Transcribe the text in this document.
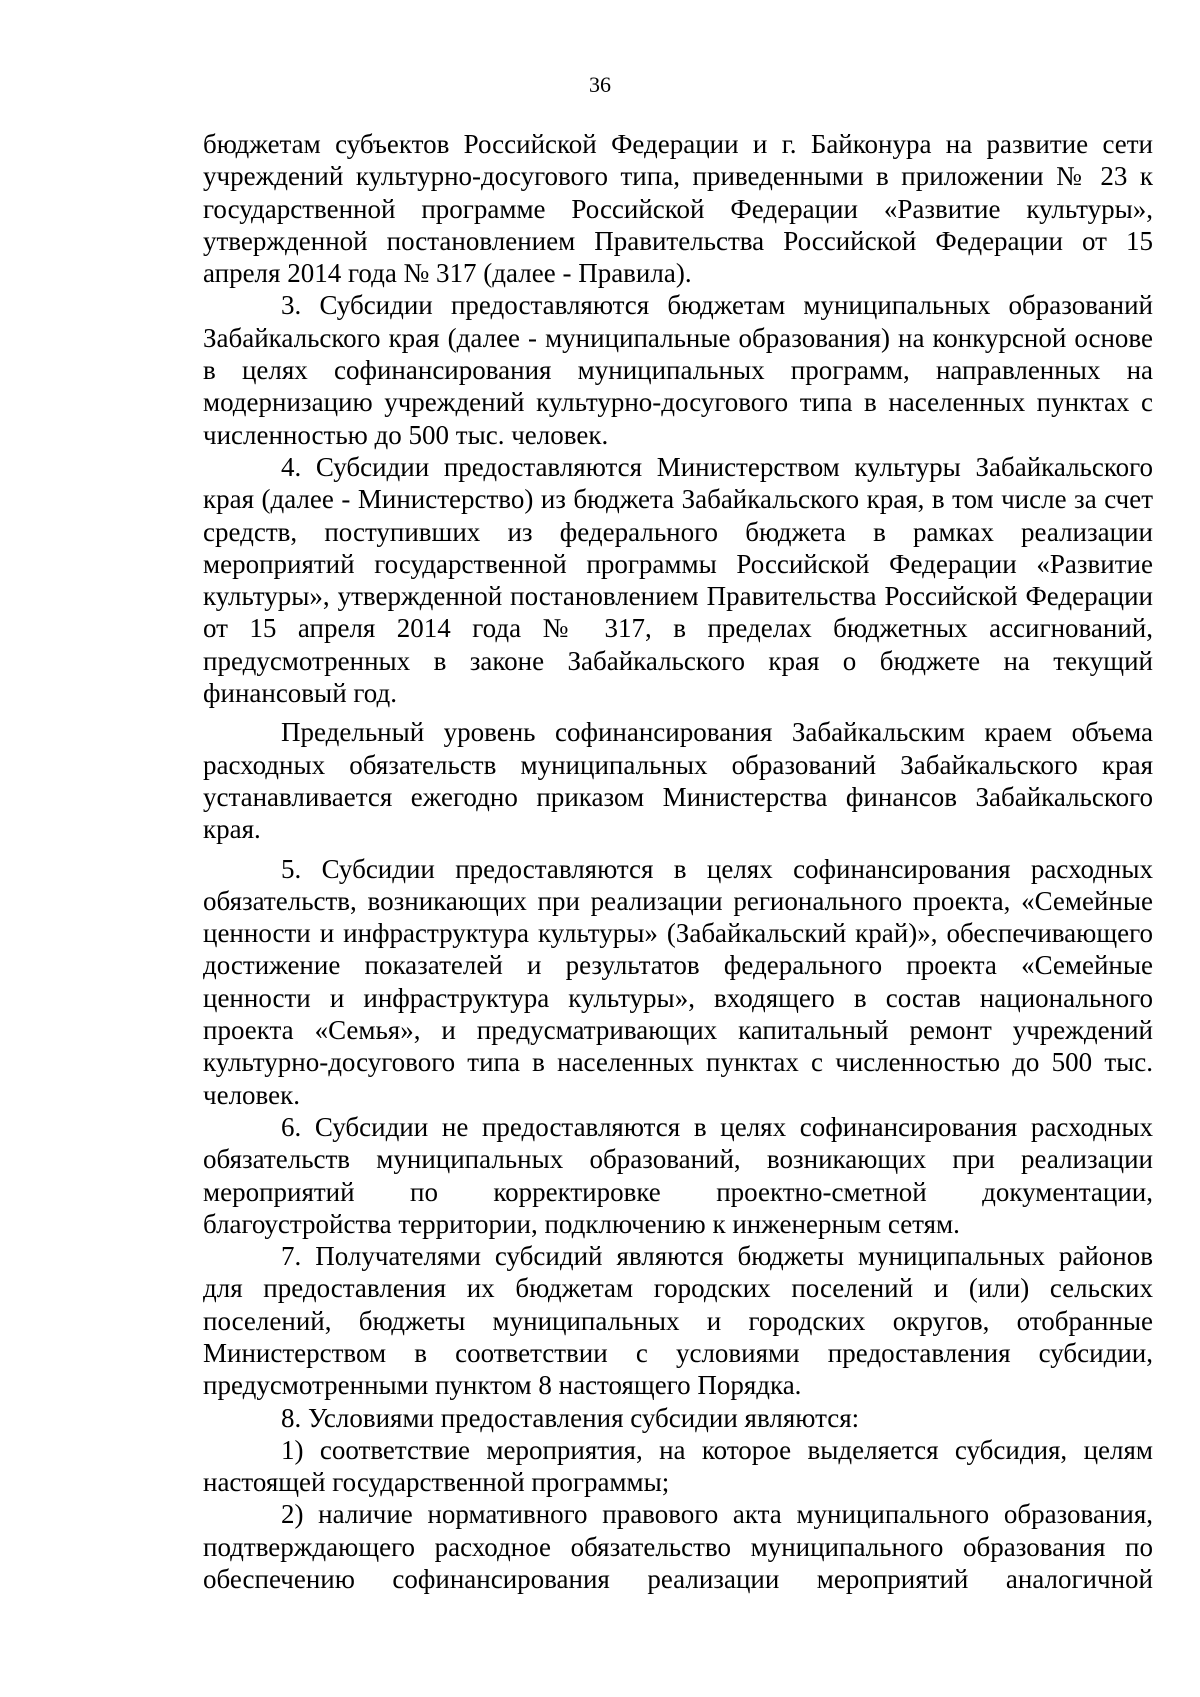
36

бюджетам субъектов Российской Федерации и г. Байконура на развитие сети учреждений культурно-досугового типа, приведенными в приложении № 23 к государственной программе Российской Федерации «Развитие культуры», утвержденной постановлением Правительства Российской Федерации от 15 апреля 2014 года № 317 (далее - Правила).

3. Субсидии предоставляются бюджетам муниципальных образований Забайкальского края (далее - муниципальные образования) на конкурсной основе в целях софинансирования муниципальных программ, направленных на модернизацию учреждений культурно-досугового типа в населенных пунктах с численностью до 500 тыс. человек.

4. Субсидии предоставляются Министерством культуры Забайкальского края (далее - Министерство) из бюджета Забайкальского края, в том числе за счет средств, поступивших из федерального бюджета в рамках реализации мероприятий государственной программы Российской Федерации «Развитие культуры», утвержденной постановлением Правительства Российской Федерации от 15 апреля 2014 года № 317, в пределах бюджетных ассигнований, предусмотренных в законе Забайкальского края о бюджете на текущий финансовый год.

Предельный уровень софинансирования Забайкальским краем объема расходных обязательств муниципальных образований Забайкальского края устанавливается ежегодно приказом Министерства финансов Забайкальского края.

5. Субсидии предоставляются в целях софинансирования расходных обязательств, возникающих при реализации регионального проекта, «Семейные ценности и инфраструктура культуры» (Забайкальский край)», обеспечивающего достижение показателей и результатов федерального проекта «Семейные ценности и инфраструктура культуры», входящего в состав национального проекта «Семья», и предусматривающих капитальный ремонт учреждений культурно-досугового типа в населенных пунктах с численностью до 500 тыс. человек.

6. Субсидии не предоставляются в целях софинансирования расходных обязательств муниципальных образований, возникающих при реализации мероприятий по корректировке проектно-сметной документации, благоустройства территории, подключению к инженерным сетям.

7. Получателями субсидий являются бюджеты муниципальных районов для предоставления их бюджетам городских поселений и (или) сельских поселений, бюджеты муниципальных и городских округов, отобранные Министерством в соответствии с условиями предоставления субсидии, предусмотренными пунктом 8 настоящего Порядка.

8. Условиями предоставления субсидии являются:

1) соответствие мероприятия, на которое выделяется субсидия, целям настоящей государственной программы;

2) наличие нормативного правового акта муниципального образования, подтверждающего расходное обязательство муниципального образования по обеспечению софинансирования реализации мероприятий аналогичной
